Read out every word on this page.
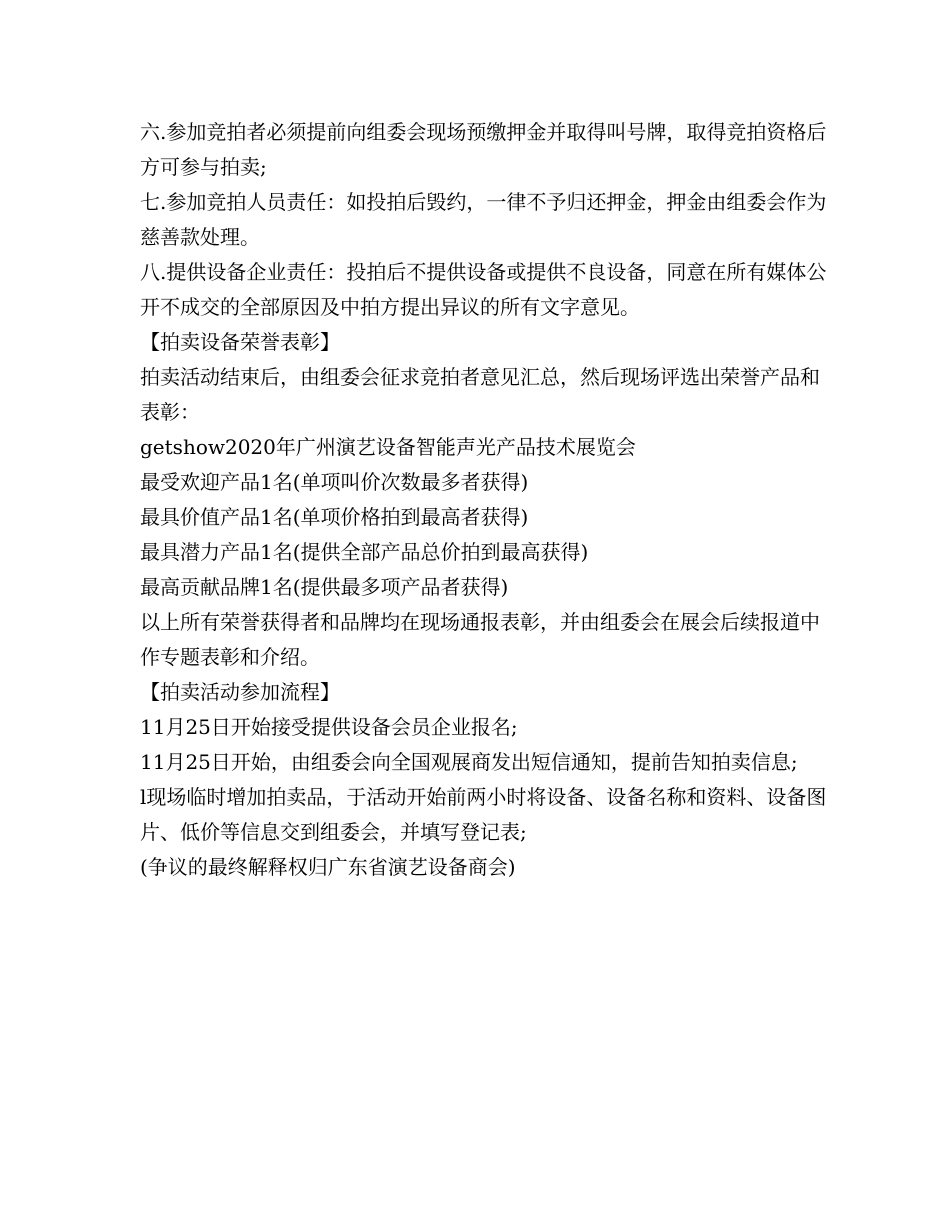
六.参加竞拍者必须提前向组委会现场预缴押金并取得叫号牌，取得竞拍资格后方可参与拍卖;

七.参加竞拍人员责任：如投拍后毁约，一律不予归还押金，押金由组委会作为慈善款处理。

八.提供设备企业责任：投拍后不提供设备或提供不良设备，同意在所有媒体公开不成交的全部原因及中拍方提出异议的所有文字意见。

【拍卖设备荣誉表彰】

拍卖活动结束后，由组委会征求竞拍者意见汇总，然后现场评选出荣誉产品和表彰：

getshow2020年广州演艺设备智能声光产品技术展览会

最受欢迎产品1名(单项叫价次数最多者获得)

最具价值产品1名(单项价格拍到最高者获得)

最具潜力产品1名(提供全部产品总价拍到最高获得)

最高贡献品牌1名(提供最多项产品者获得)

以上所有荣誉获得者和品牌均在现场通报表彰，并由组委会在展会后续报道中作专题表彰和介绍。

【拍卖活动参加流程】

11月25日开始接受提供设备会员企业报名;

11月25日开始，由组委会向全国观展商发出短信通知，提前告知拍卖信息;

l现场临时增加拍卖品，于活动开始前两小时将设备、设备名称和资料、设备图片、低价等信息交到组委会，并填写登记表;

(争议的最终解释权归广东省演艺设备商会)
